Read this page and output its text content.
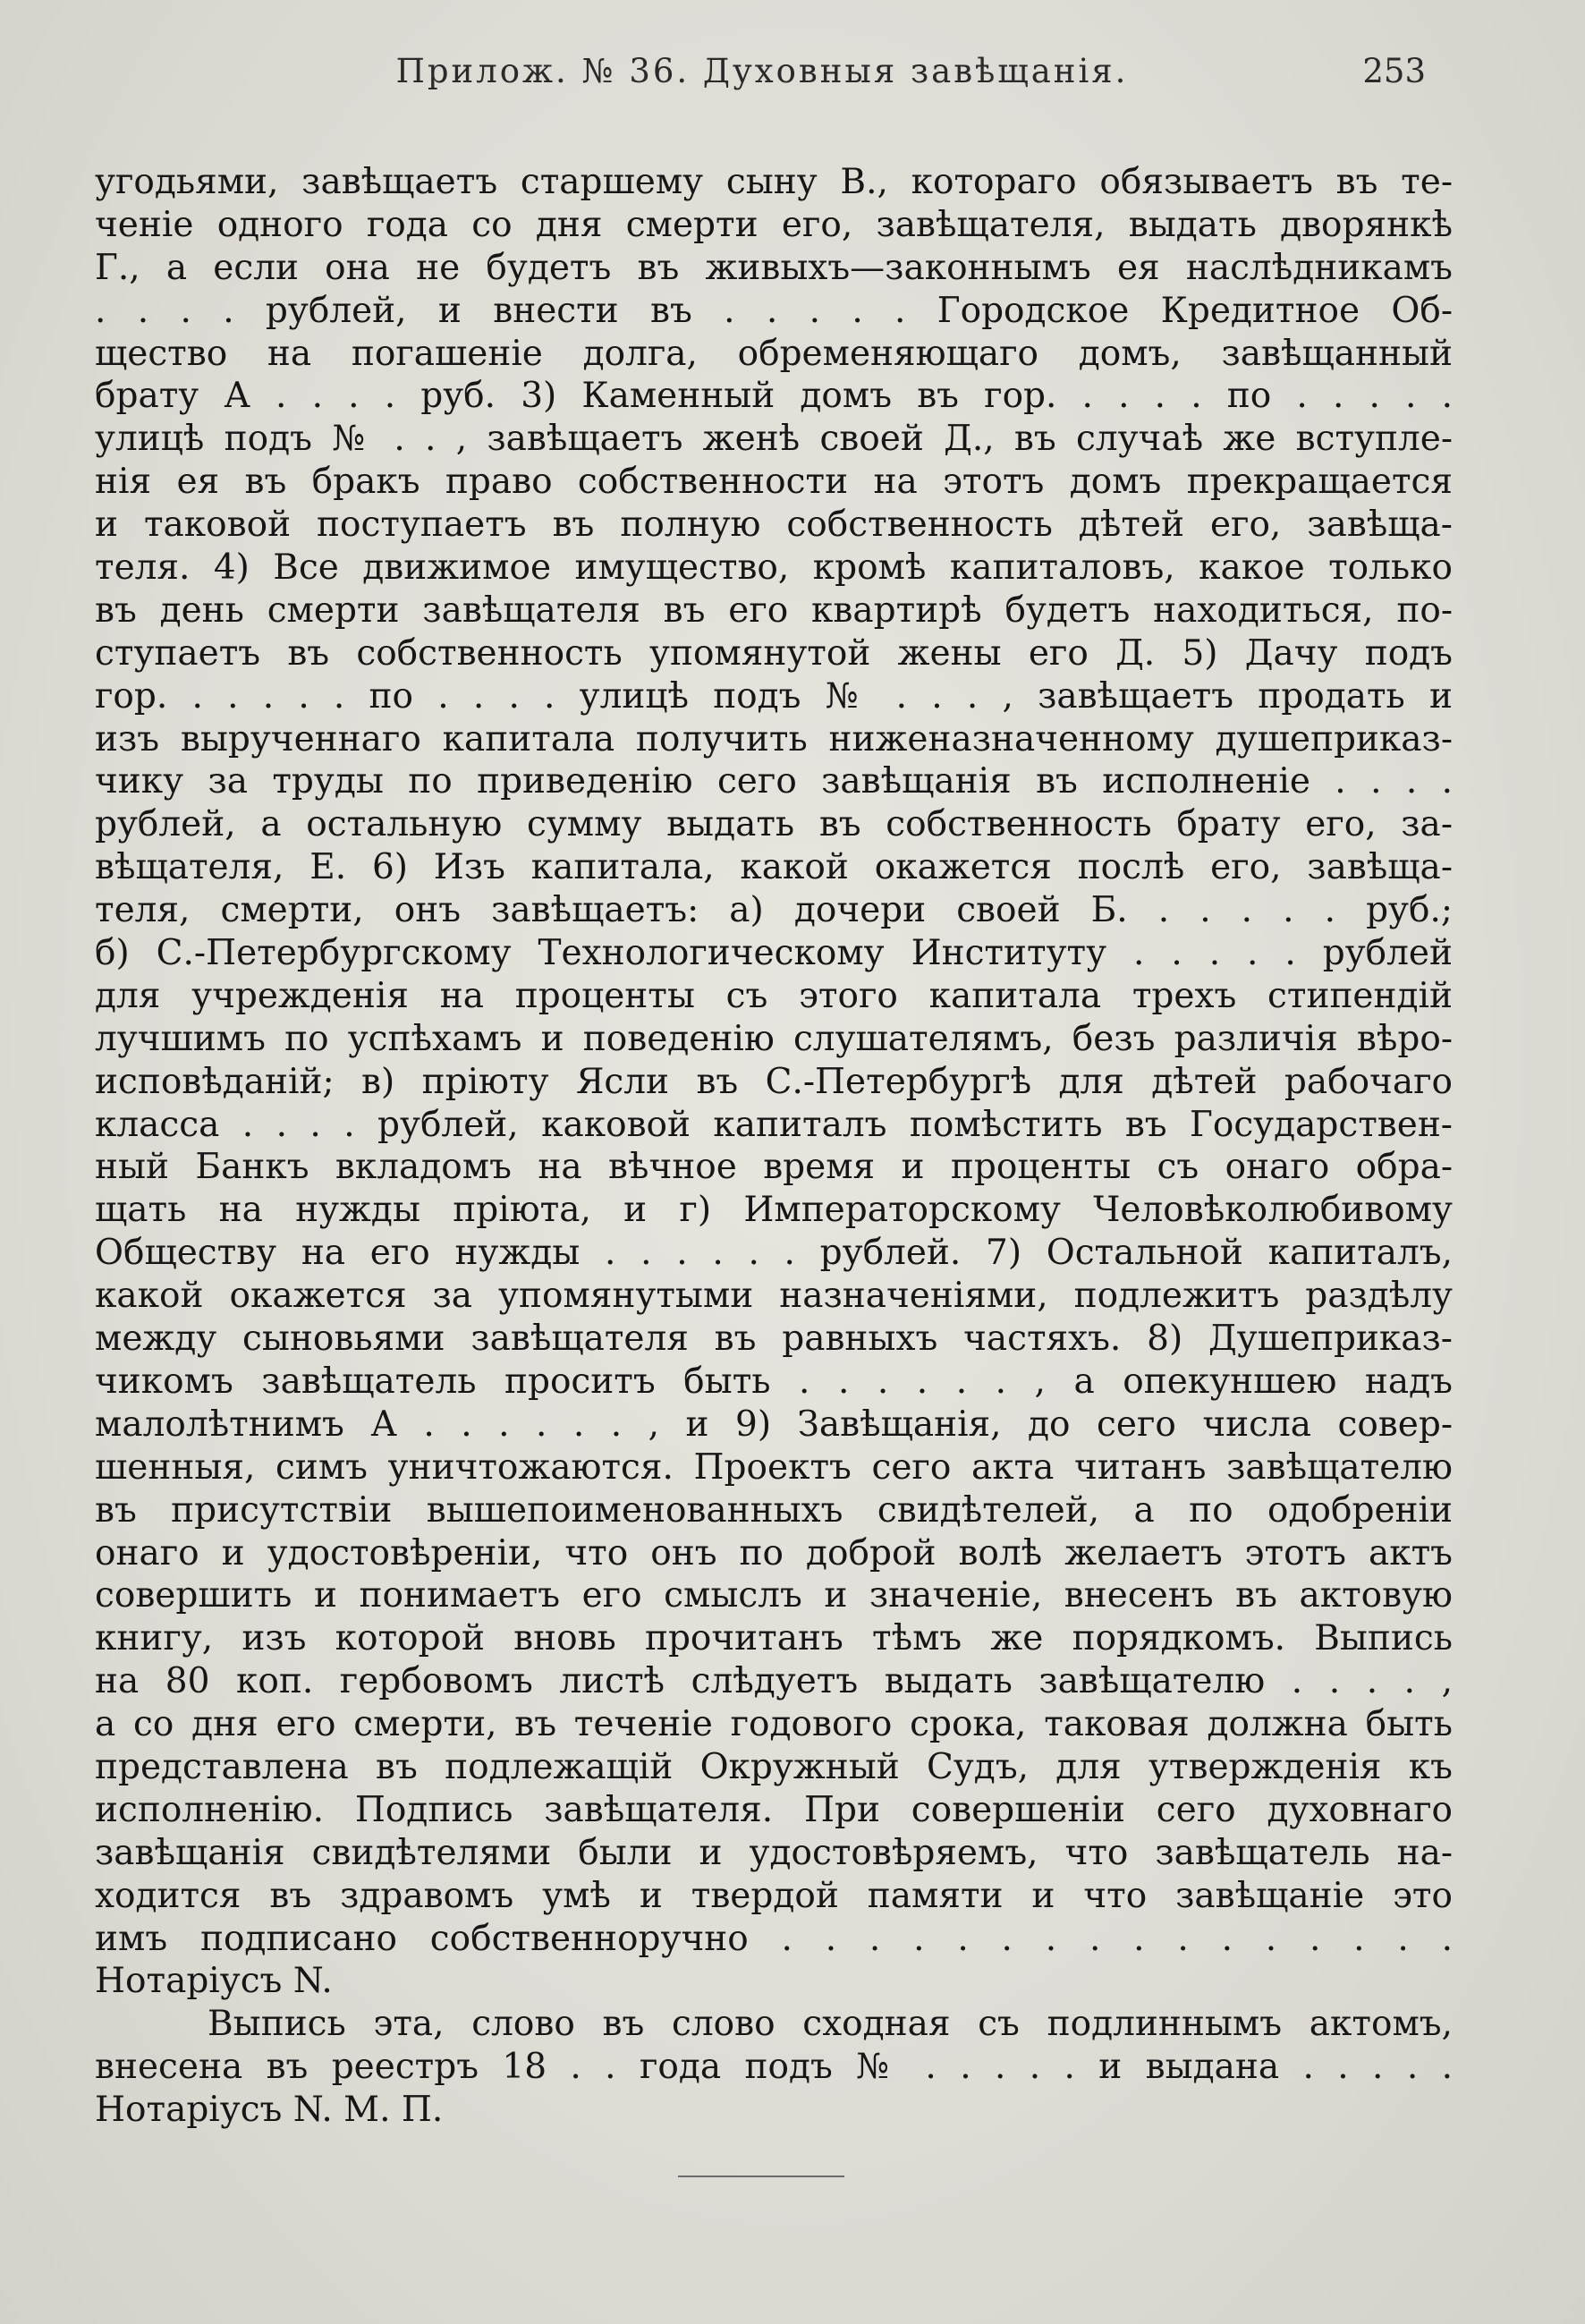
Прилож. № 36. Духовныя завѣщанія.	253
угодьями, завѣщаетъ старшему сыну В., котораго обязываетъ въ те-
ченіе одного года со дня смерти его, завѣщателя, выдать дворянкѣ
Г., а если она не будетъ въ живыхъ—законнымъ ея наслѣдникамъ
. . . . рублей, и внести въ . . . . . Городское Кредитное Об-
щество на погашеніе долга, обременяющаго домъ, завѣщанный
брату А . . . . руб. 3) Каменный домъ въ гор. . . . . по . . . . .
улицѣ подъ № . . , завѣщаетъ женѣ своей Д., въ случаѣ же вступле-
нія ея въ бракъ право собственности на этотъ домъ прекращается
и таковой поступаетъ въ полную собственность дѣтей его, завѣща-
теля. 4) Все движимое имущество, кромѣ капиталовъ, какое только
въ день смерти завѣщателя въ его квартирѣ будетъ находиться, по-
ступаетъ въ собственность упомянутой жены его Д. 5) Дачу подъ
гор. . . . . . по . . . . улицѣ подъ № . . . , завѣщаетъ продать и
изъ вырученнаго капитала получить ниженазначенному душеприказ-
чику за труды по приведенію сего завѣщанія въ исполненіе . . . .
рублей, а остальную сумму выдать въ собственность брату его, за-
вѣщателя, Е. 6) Изъ капитала, какой окажется послѣ его, завѣща-
теля, смерти, онъ завѣщаетъ: а) дочери своей Б. . . . . . руб.;
б) С.-Петербургскому Технологическому Институту . . . . . рублей
для учрежденія на проценты съ этого капитала трехъ стипендій
лучшимъ по успѣхамъ и поведенію слушателямъ, безъ различія вѣро-
исповѣданій; в) пріюту Ясли въ С.-Петербургѣ для дѣтей рабочаго
класса . . . . рублей, каковой капиталъ помѣстить въ Государствен-
ный Банкъ вкладомъ на вѣчное время и проценты съ онаго обра-
щать на нужды пріюта, и г) Императорскому Человѣколюбивому
Обществу на его нужды . . . . . . рублей. 7) Остальной капиталъ,
какой окажется за упомянутыми назначеніями, подлежитъ раздѣлу
между сыновьями завѣщателя въ равныхъ частяхъ. 8) Душеприказ-
чикомъ завѣщатель проситъ быть . . . . . . , а опекуншею надъ
малолѣтнимъ А . . . . . . , и 9) Завѣщанія, до сего числа совер-
шенныя, симъ уничтожаются. Проектъ сего акта читанъ завѣщателю
въ присутствіи вышепоименованныхъ свидѣтелей, а по одобреніи
онаго и удостовѣреніи, что онъ по доброй волѣ желаетъ этотъ актъ
совершить и понимаетъ его смыслъ и значеніе, внесенъ въ актовую
книгу, изъ которой вновь прочитанъ тѣмъ же порядкомъ. Выпись
на 80 коп. гербовомъ листѣ слѣдуетъ выдать завѣщателю . . . . ,
а со дня его смерти, въ теченіе годового срока, таковая должна быть
представлена въ подлежащій Окружный Судъ, для утвержденія къ
исполненію. Подпись завѣщателя. При совершеніи сего духовнаго
завѣщанія свидѣтелями были и удостовѣряемъ, что завѣщатель на-
ходится въ здравомъ умѣ и твердой памяти и что завѣщаніе это
имъ подписано собственноручно . . . . . . . . . . . . . . . .
Нотаріусъ N.
Выпись эта, слово въ слово сходная съ подлиннымъ актомъ,
внесена въ реестръ 18 . . года подъ № . . . . . и выдана . . . . .
Нотаріусъ N. М. П.
